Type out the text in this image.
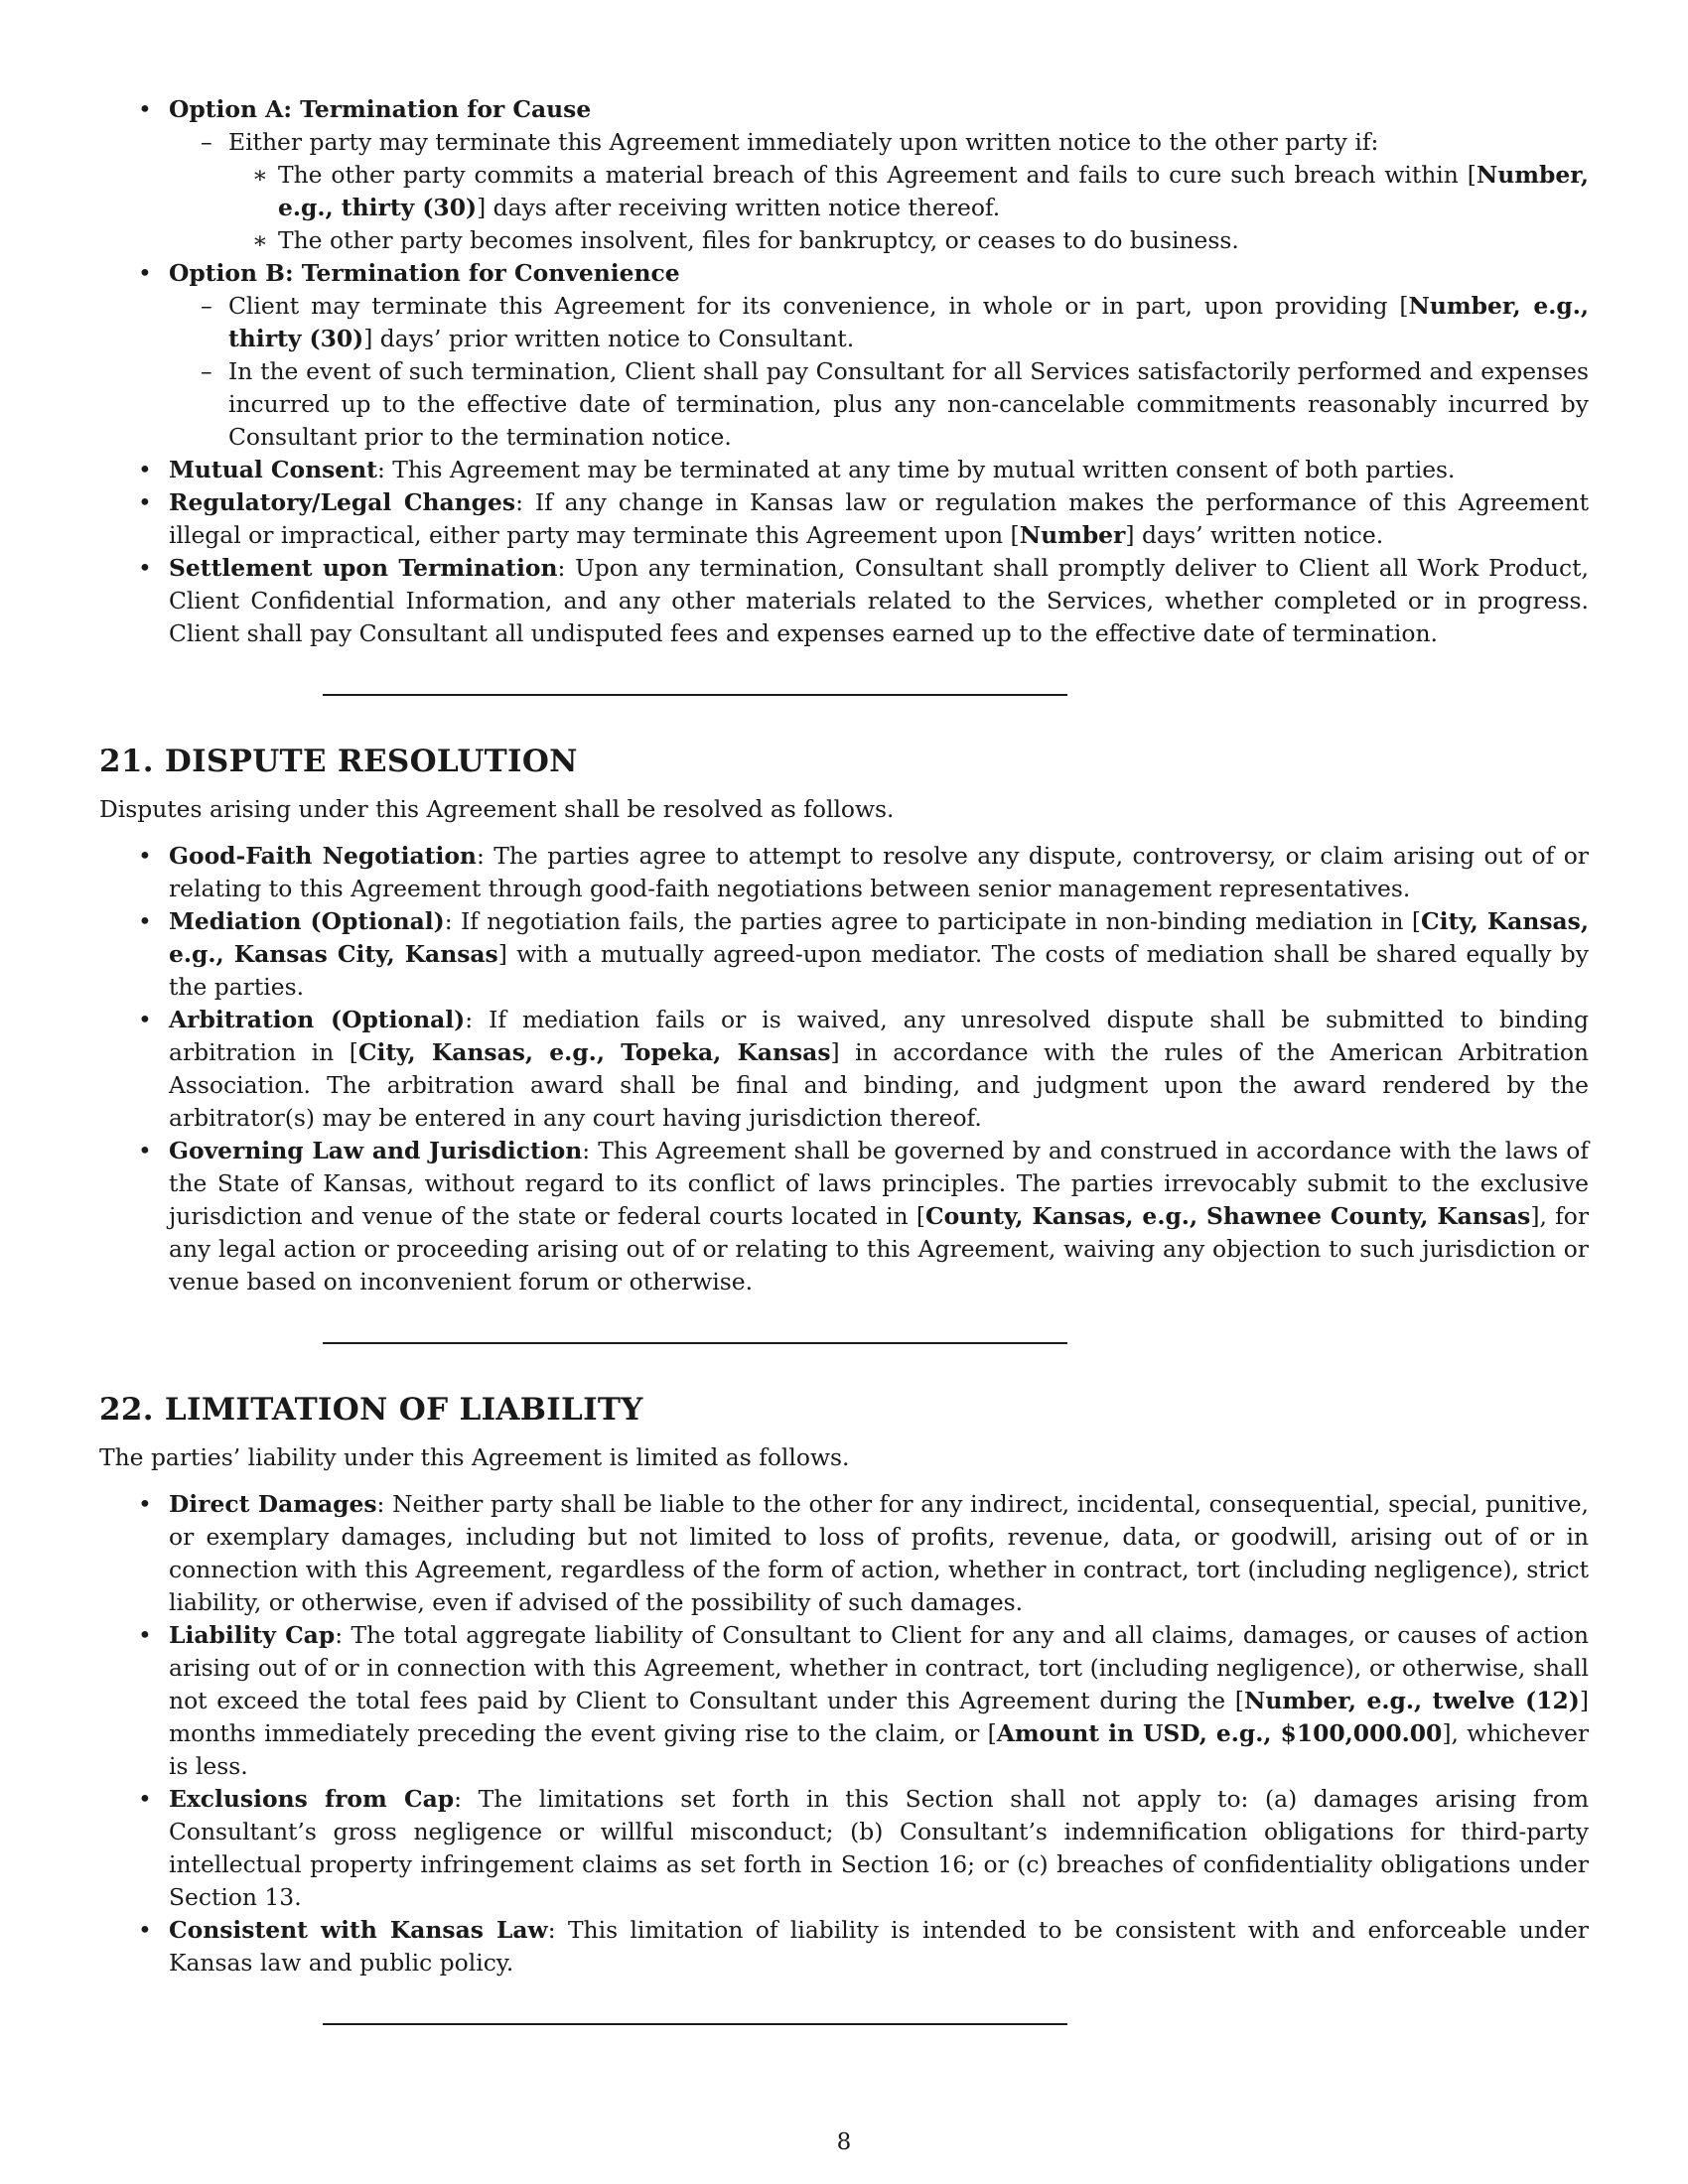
• Option A: Termination for Cause
– Either party may terminate this Agreement immediately upon written notice to the other party if:
∗ The other party commits a material breach of this Agreement and fails to cure such breach within [Number, e.g., thirty (30)] days after receiving written notice thereof.
∗ The other party becomes insolvent, files for bankruptcy, or ceases to do business.
• Option B: Termination for Convenience
– Client may terminate this Agreement for its convenience, in whole or in part, upon providing [Number, e.g., thirty (30)] days’ prior written notice to Consultant.
– In the event of such termination, Client shall pay Consultant for all Services satisfactorily performed and expenses incurred up to the effective date of termination, plus any non-cancelable commitments reasonably incurred by Consultant prior to the termination notice.
• Mutual Consent: This Agreement may be terminated at any time by mutual written consent of both parties.
• Regulatory/Legal Changes: If any change in Kansas law or regulation makes the performance of this Agreement illegal or impractical, either party may terminate this Agreement upon [Number] days’ written notice.
• Settlement upon Termination: Upon any termination, Consultant shall promptly deliver to Client all Work Product, Client Confidential Information, and any other materials related to the Services, whether completed or in progress. Client shall pay Consultant all undisputed fees and expenses earned up to the effective date of termination.
21. DISPUTE RESOLUTION
Disputes arising under this Agreement shall be resolved as follows.
• Good-Faith Negotiation: The parties agree to attempt to resolve any dispute, controversy, or claim arising out of or relating to this Agreement through good-faith negotiations between senior management representatives.
• Mediation (Optional): If negotiation fails, the parties agree to participate in non-binding mediation in [City, Kansas, e.g., Kansas City, Kansas] with a mutually agreed-upon mediator. The costs of mediation shall be shared equally by the parties.
• Arbitration (Optional): If mediation fails or is waived, any unresolved dispute shall be submitted to binding arbitration in [City, Kansas, e.g., Topeka, Kansas] in accordance with the rules of the American Arbitration Association. The arbitration award shall be final and binding, and judgment upon the award rendered by the arbitrator(s) may be entered in any court having jurisdiction thereof.
• Governing Law and Jurisdiction: This Agreement shall be governed by and construed in accordance with the laws of the State of Kansas, without regard to its conflict of laws principles. The parties irrevocably submit to the exclusive jurisdiction and venue of the state or federal courts located in [County, Kansas, e.g., Shawnee County, Kansas], for any legal action or proceeding arising out of or relating to this Agreement, waiving any objection to such jurisdiction or venue based on inconvenient forum or otherwise.
22. LIMITATION OF LIABILITY
The parties’ liability under this Agreement is limited as follows.
• Direct Damages: Neither party shall be liable to the other for any indirect, incidental, consequential, special, punitive, or exemplary damages, including but not limited to loss of profits, revenue, data, or goodwill, arising out of or in connection with this Agreement, regardless of the form of action, whether in contract, tort (including negligence), strict liability, or otherwise, even if advised of the possibility of such damages.
• Liability Cap: The total aggregate liability of Consultant to Client for any and all claims, damages, or causes of action arising out of or in connection with this Agreement, whether in contract, tort (including negligence), or otherwise, shall not exceed the total fees paid by Client to Consultant under this Agreement during the [Number, e.g., twelve (12)] months immediately preceding the event giving rise to the claim, or [Amount in USD, e.g., $100,000.00], whichever is less.
• Exclusions from Cap: The limitations set forth in this Section shall not apply to: (a) damages arising from Consultant’s gross negligence or willful misconduct; (b) Consultant’s indemnification obligations for third-party intellectual property infringement claims as set forth in Section 16; or (c) breaches of confidentiality obligations under Section 13.
• Consistent with Kansas Law: This limitation of liability is intended to be consistent with and enforceable under Kansas law and public policy.
8
